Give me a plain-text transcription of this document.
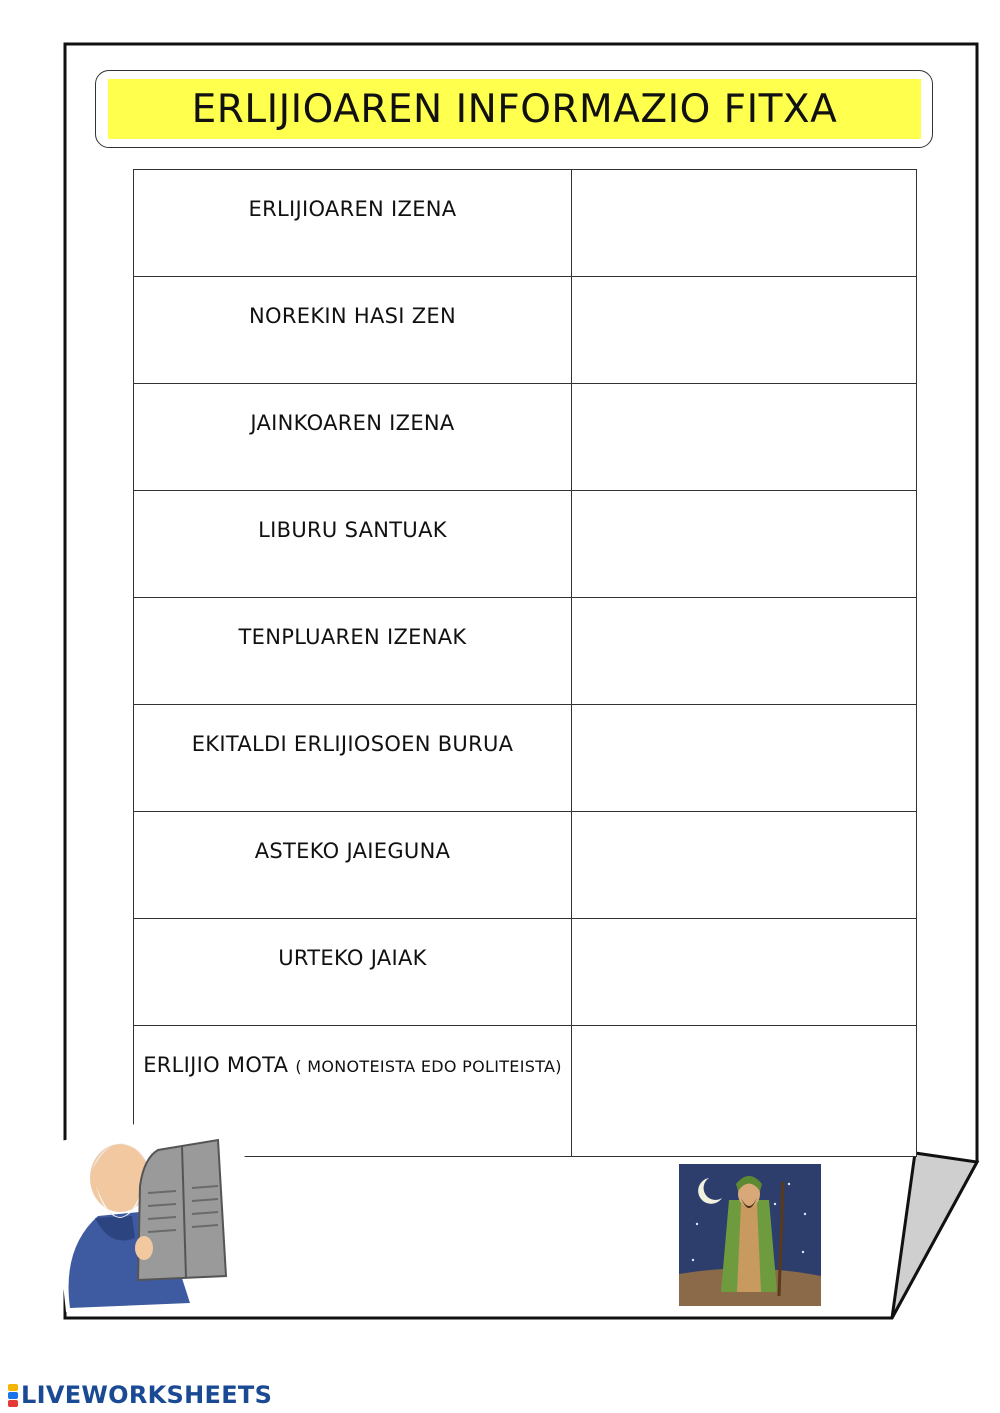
ERLIJIOAREN INFORMAZIO FITXA
ERLIJIOAREN IZENA	

NOREKIN HASI ZEN	

JAINKOAREN IZENA	

LIBURU SANTUAK	

TENPLUAREN IZENAK	

EKITALDI ERLIJIOSOEN BURUA	

ASTEKO JAIEGUNA	

URTEKO JAIAK	

ERLIJIO MOTA ( MONOTEISTA EDO POLITEISTA)	

LIVEWORKSHEETS
